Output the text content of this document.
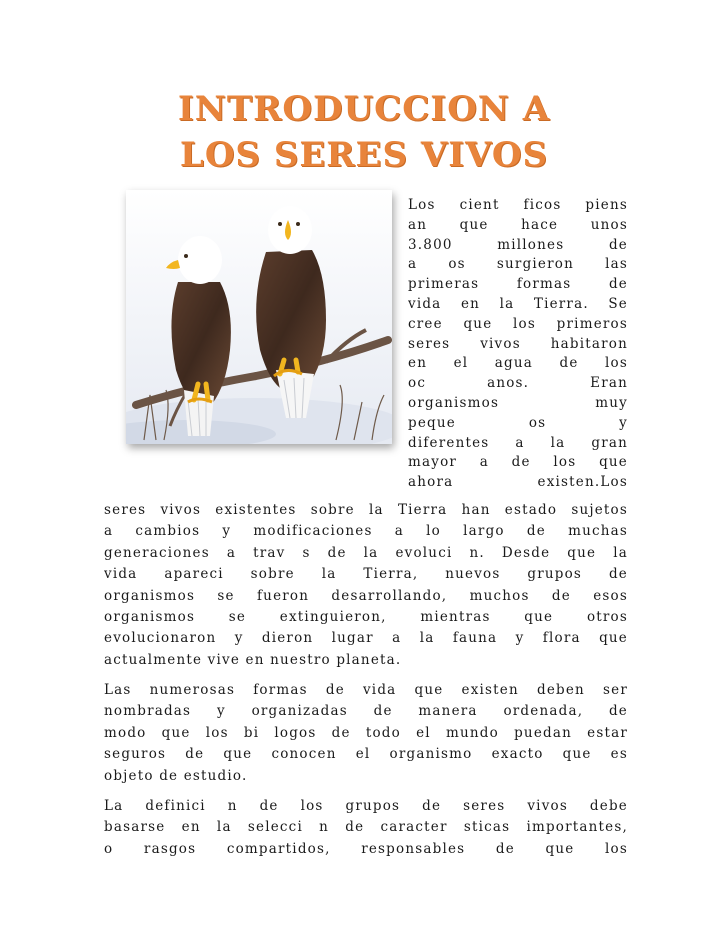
INTRODUCCION A
LOS SERES VIVOS
Los cient ficos piens
an que hace unos
3.800 millones de
a os surgieron las
primeras formas de
vida en la Tierra. Se
cree que los primeros
seres vivos habitaron
en el agua de los
oc anos. Eran
organismos muy
peque os y
diferentes a la gran
mayor a de los que
ahora existen.Los
seres vivos existentes sobre la Tierra han estado sujetos
a cambios y modificaciones a lo largo de muchas
generaciones a trav s de la evoluci n. Desde que la
vida apareci sobre la Tierra, nuevos grupos de
organismos se fueron desarrollando, muchos de esos
organismos se extinguieron, mientras que otros
evolucionaron y dieron lugar a la fauna y flora que
actualmente vive en nuestro planeta.
Las numerosas formas de vida que existen deben ser
nombradas y organizadas de manera ordenada, de
modo que los bi logos de todo el mundo puedan estar
seguros de que conocen el organismo exacto que es
objeto de estudio.
La definici n de los grupos de seres vivos debe
basarse en la selecci n de caracter sticas importantes,
o rasgos compartidos, responsables de que los
